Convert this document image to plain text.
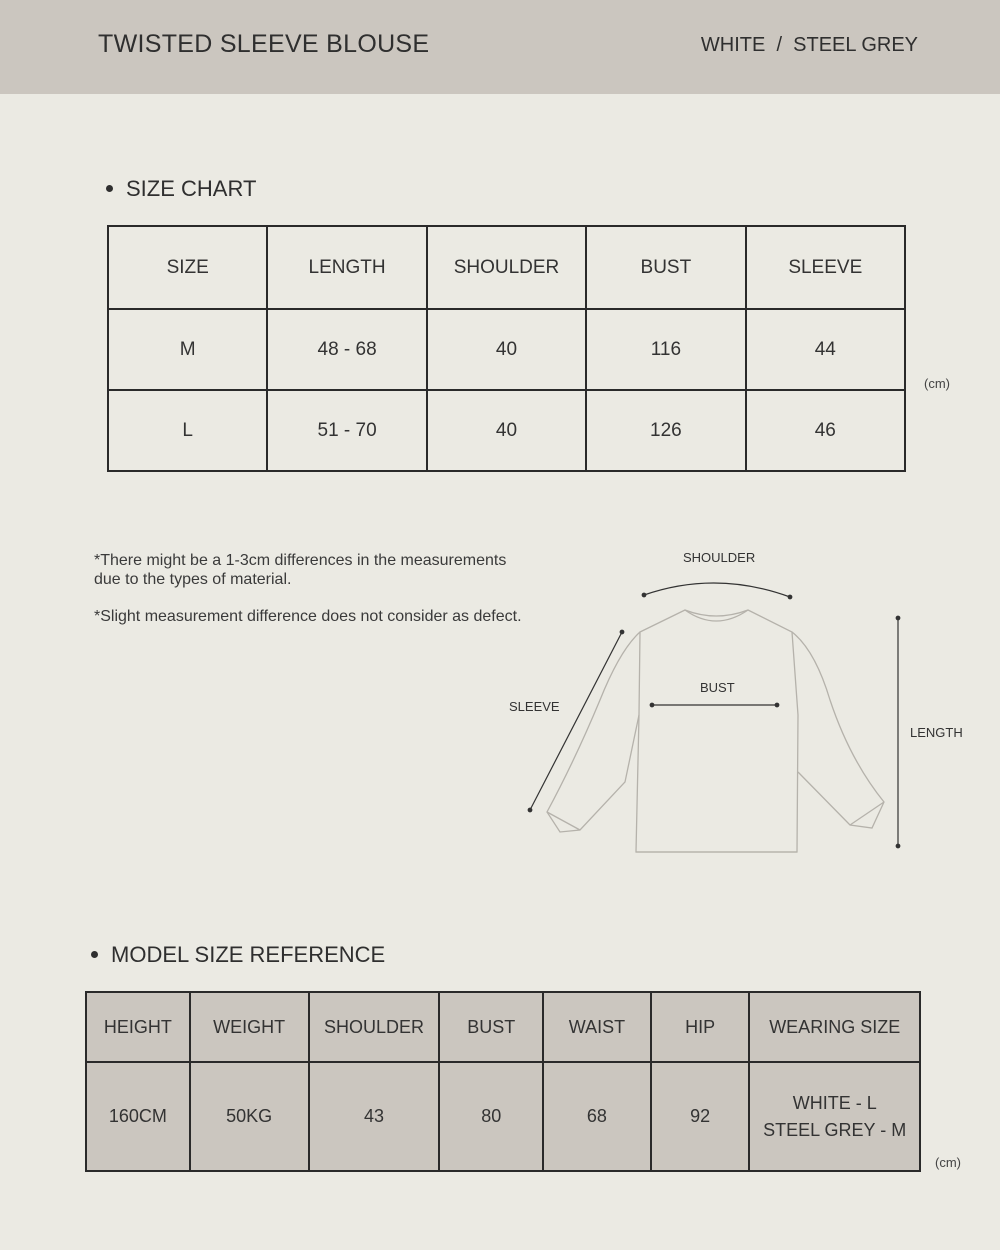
TWISTED SLEEVE BLOUSE	WHITE  /  STEEL GREY
SIZE CHART
SIZE	LENGTH	SHOULDER	BUST	SLEEVE
M	48 - 68	40	116	44
L	51 - 70	40	126	46
(cm)

*There might be a 1-3cm differences in the measurements due to the types of material.

*Slight measurement difference does not consider as defect.

SHOULDER
BUST
SLEEVE
LENGTH
MODEL SIZE REFERENCE
HEIGHT	WEIGHT	SHOULDER	BUST	WAIST	HIP	WEARING SIZE
160CM	50KG	43	80	68	92	WHITE - L
STEEL GREY - M
(cm)
